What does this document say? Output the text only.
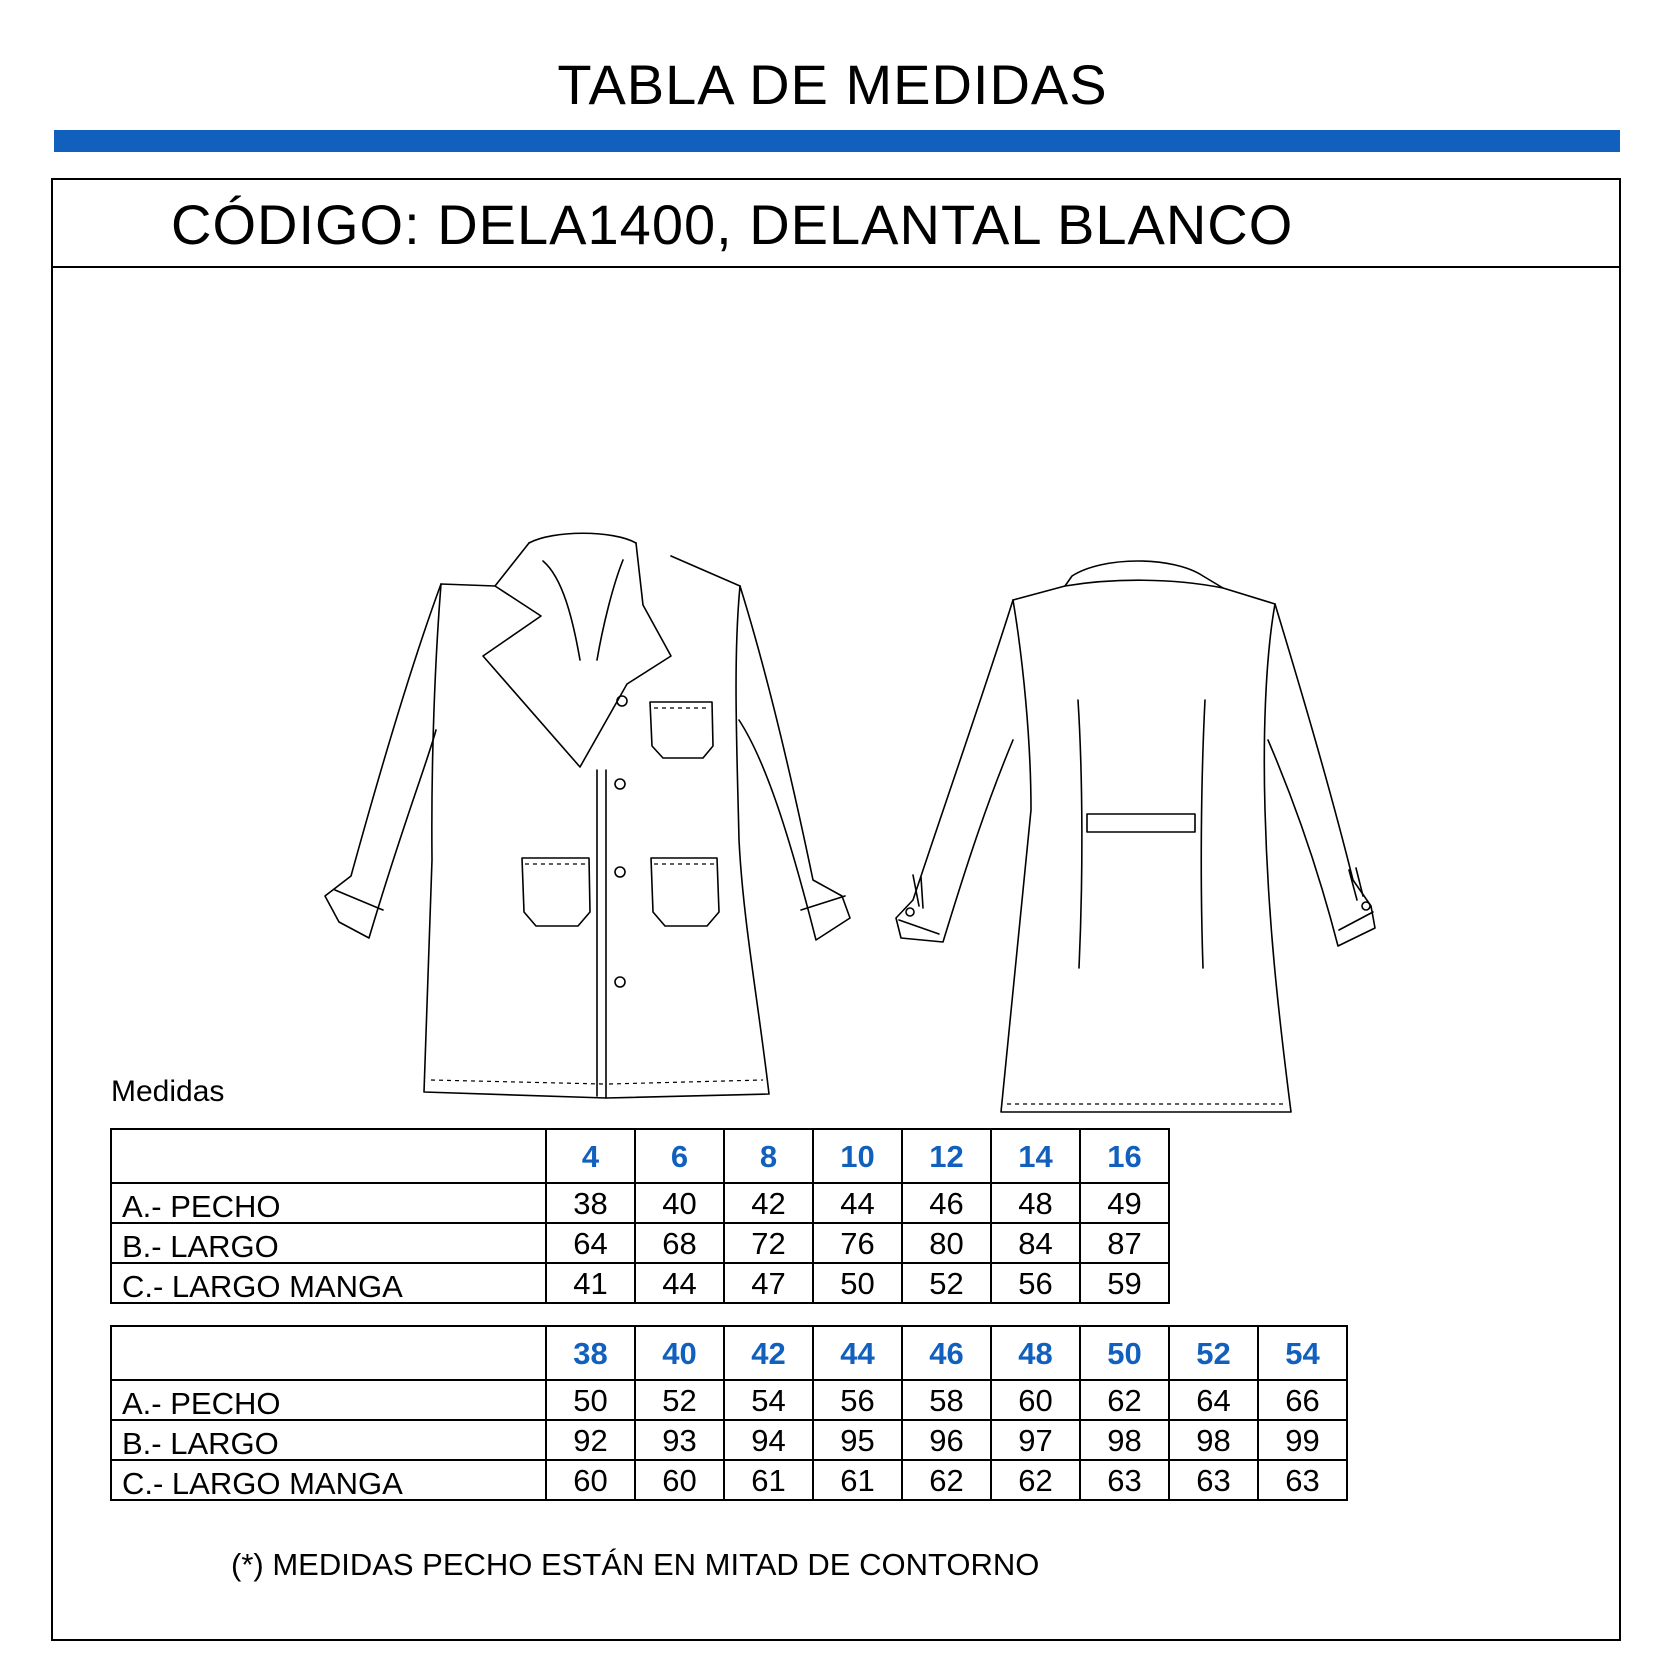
TABLA DE MEDIDAS
CÓDIGO: DELA1400, DELANTAL BLANCO
Medidas
	4	6	8	10	12	14	16
A.- PECHO	38	40	42	44	46	48	49
B.- LARGO	64	68	72	76	80	84	87
C.- LARGO MANGA	41	44	47	50	52	56	59
	38	40	42	44	46	48	50	52	54
A.- PECHO	50	52	54	56	58	60	62	64	66
B.- LARGO	92	93	94	95	96	97	98	98	99
C.- LARGO MANGA	60	60	61	61	62	62	63	63	63
(*) MEDIDAS PECHO ESTÁN EN MITAD DE CONTORNO
